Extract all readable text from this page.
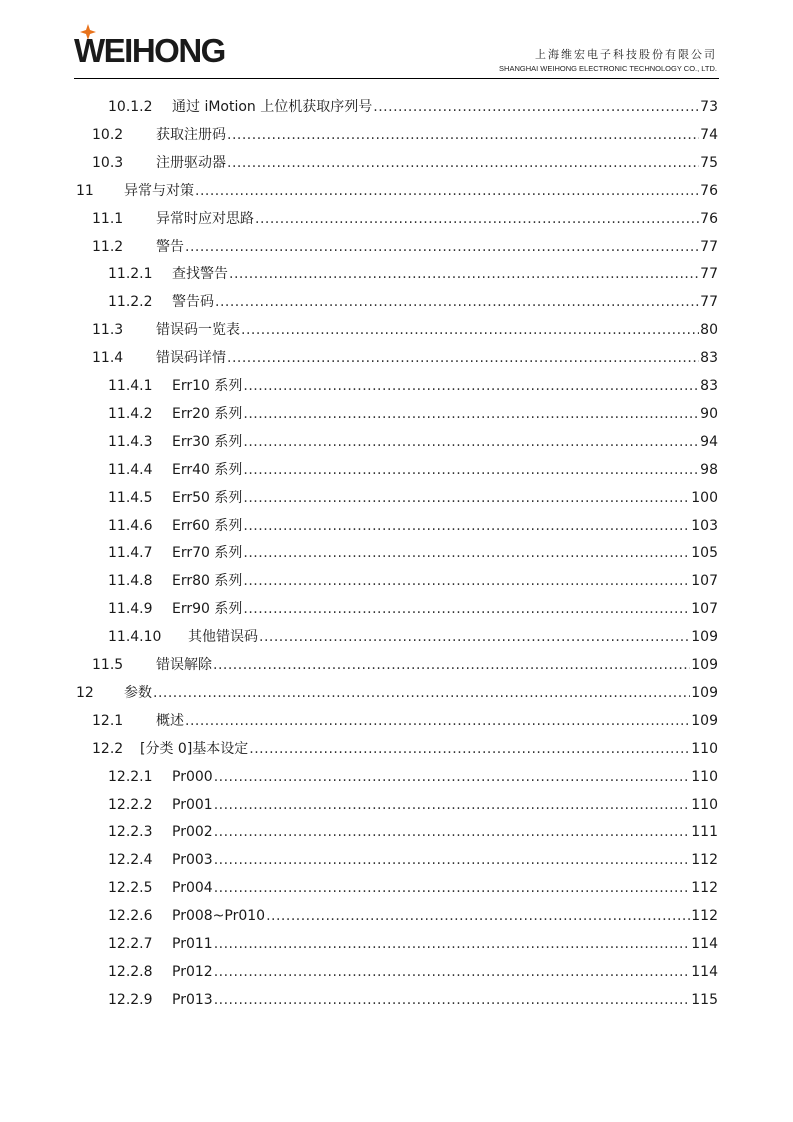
WEIHONG	上海维宏电子科技股份有限公司
SHANGHAI WEIHONG ELECTRONIC TECHNOLOGY CO., LTD.
10.1.2	通过 iMotion 上位机获取序列号 .....	73
10.2	获取注册码 .....	74
10.3	注册驱动器 .....	75
11	异常与对策 .....	76
11.1	异常时应对思路 .....	76
11.2	警告 .....	77
11.2.1	查找警告 .....	77
11.2.2	警告码 .....	77
11.3	错误码一览表 .....	80
11.4	错误码详情 .....	83
11.4.1	Err10 系列 .....	83
11.4.2	Err20 系列 .....	90
11.4.3	Err30 系列 .....	94
11.4.4	Err40 系列 .....	98
11.4.5	Err50 系列 .....	100
11.4.6	Err60 系列 .....	103
11.4.7	Err70 系列 .....	105
11.4.8	Err80 系列 .....	107
11.4.9	Err90 系列 .....	107
11.4.10	其他错误码 .....	109
11.5	错误解除 .....	109
12	参数 .....	109
12.1	概述 .....	109
12.2	[分类 0]基本设定 .....	110
12.2.1	Pr000 .....	110
12.2.2	Pr001 .....	110
12.2.3	Pr002 .....	111
12.2.4	Pr003 .....	112
12.2.5	Pr004 .....	112
12.2.6	Pr008~Pr010 .....	112
12.2.7	Pr011 .....	114
12.2.8	Pr012 .....	114
12.2.9	Pr013 .....	115
